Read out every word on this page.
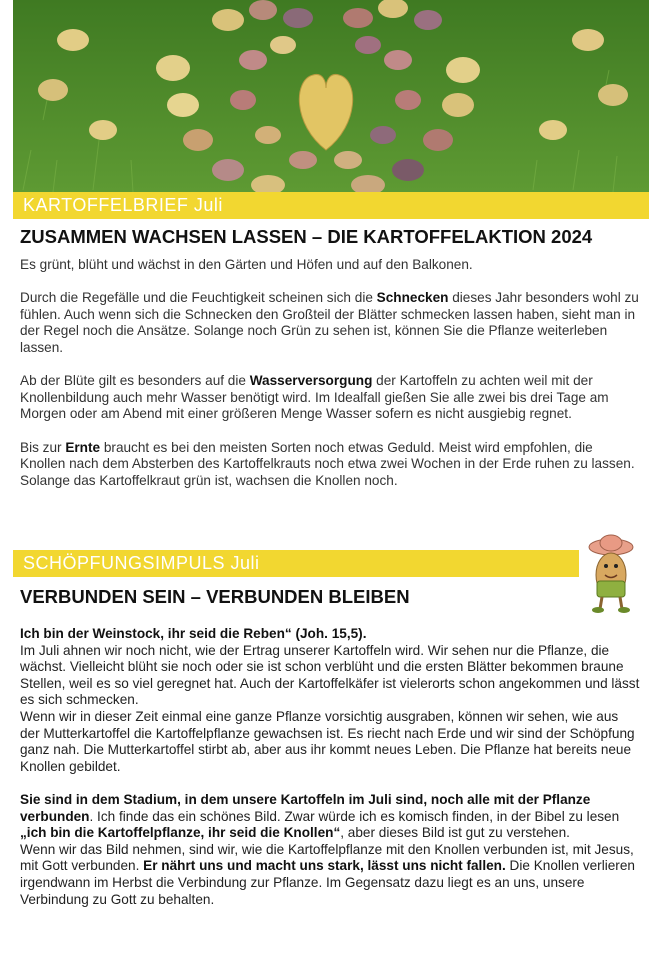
KARTOFFELBRIEF Juli
ZUSAMMEN WACHSEN LASSEN – DIE KARTOFFELAKTION 2024

Es grünt, blüht und wächst in den Gärten und Höfen und auf den Balkonen.

Durch die Regefälle und die Feuchtigkeit scheinen sich die Schnecken dieses Jahr besonders wohl zu fühlen. Auch wenn sich die Schnecken den Großteil der Blätter schmecken lassen haben, sieht man in der Regel noch die Ansätze. Solange noch Grün zu sehen ist, können Sie die Pflanze weiterleben lassen.

Ab der Blüte gilt es besonders auf die Wasserversorgung der Kartoffeln zu achten weil mit der Knollenbildung auch mehr Wasser benötigt wird. Im Idealfall gießen Sie alle zwei bis drei Tage am Morgen oder am Abend mit einer größeren Menge Wasser sofern es nicht ausgiebig regnet.

Bis zur Ernte braucht es bei den meisten Sorten noch etwas Geduld. Meist wird empfohlen, die Knollen nach dem Absterben des Kartoffelkrauts noch etwa zwei Wochen in der Erde ruhen zu lassen. Solange das Kartoffelkraut grün ist, wachsen die Knollen noch.

SCHÖPFUNGSIMPULS Juli
VERBUNDEN SEIN – VERBUNDEN BLEIBEN
Ich bin der Weinstock, ihr seid die Reben“ (Joh. 15,5).
Im Juli ahnen wir noch nicht, wie der Ertrag unserer Kartoffeln wird. Wir sehen nur die Pflanze, die wächst. Vielleicht blüht sie noch oder sie ist schon verblüht und die ersten Blätter bekommen braune Stellen, weil es so viel geregnet hat. Auch der Kartoffelkäfer ist vielerorts schon angekommen und lässt es sich schmecken.
Wenn wir in dieser Zeit einmal eine ganze Pflanze vorsichtig ausgraben, können wir sehen, wie aus der Mutterkartoffel die Kartoffelpflanze gewachsen ist. Es riecht nach Erde und wir sind der Schöpfung ganz nah. Die Mutterkartoffel stirbt ab, aber aus ihr kommt neues Leben. Die Pflanze hat bereits neue Knollen gebildet.
Sie sind in dem Stadium, in dem unsere Kartoffeln im Juli sind, noch alle mit der Pflanze verbunden. Ich finde das ein schönes Bild. Zwar würde ich es komisch finden, in der Bibel zu lesen „ich bin die Kartoffelpflanze, ihr seid die Knollen“, aber dieses Bild ist gut zu verstehen.
Wenn wir das Bild nehmen, sind wir, wie die Kartoffelpflanze mit den Knollen verbunden ist, mit Jesus, mit Gott verbunden. Er nährt uns und macht uns stark, lässt uns nicht fallen. Die Knollen verlieren irgendwann im Herbst die Verbindung zur Pflanze. Im Gegensatz dazu liegt es an uns, unsere Verbindung zu Gott zu behalten.
